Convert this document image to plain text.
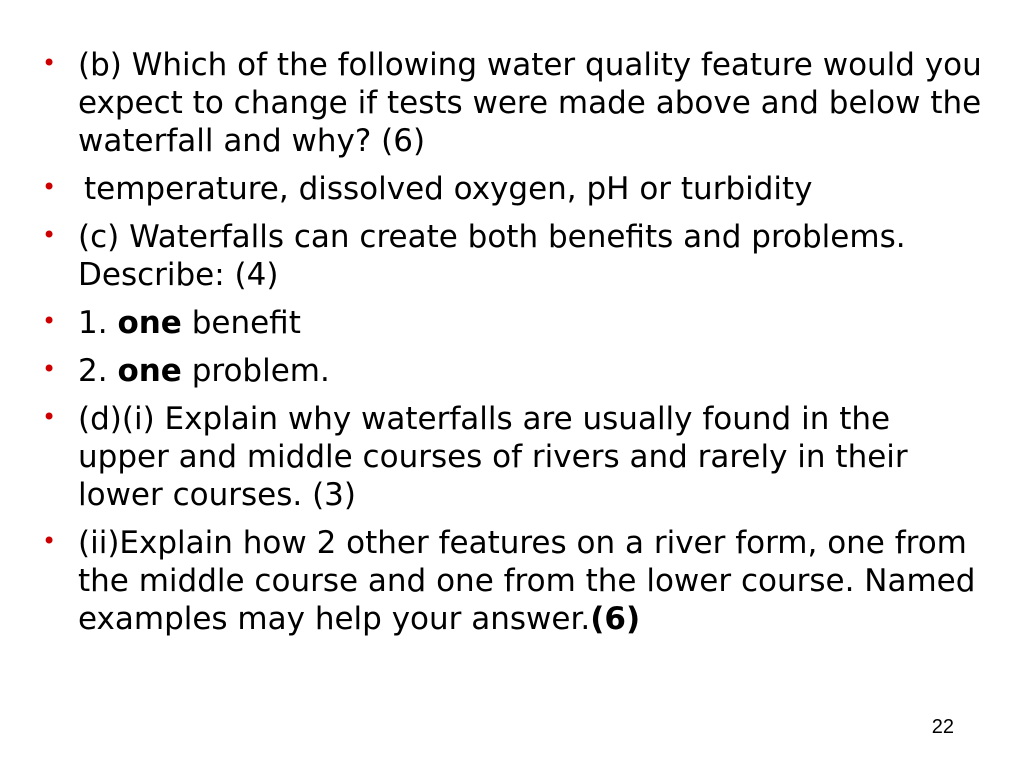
• (b) Which of the following water quality feature would you expect to change if tests were made above and below the waterfall and why? (6)
• temperature, dissolved oxygen, pH or turbidity
• (c) Waterfalls can create both benefits and problems. Describe: (4)
• 1. one benefit
• 2. one problem.
• (d)(i) Explain why waterfalls are usually found in the upper and middle courses of rivers and rarely in their lower courses. (3)
• (ii)Explain how 2 other features on a river form, one from the middle course and one from the lower course. Named examples may help your answer.(6)
22
